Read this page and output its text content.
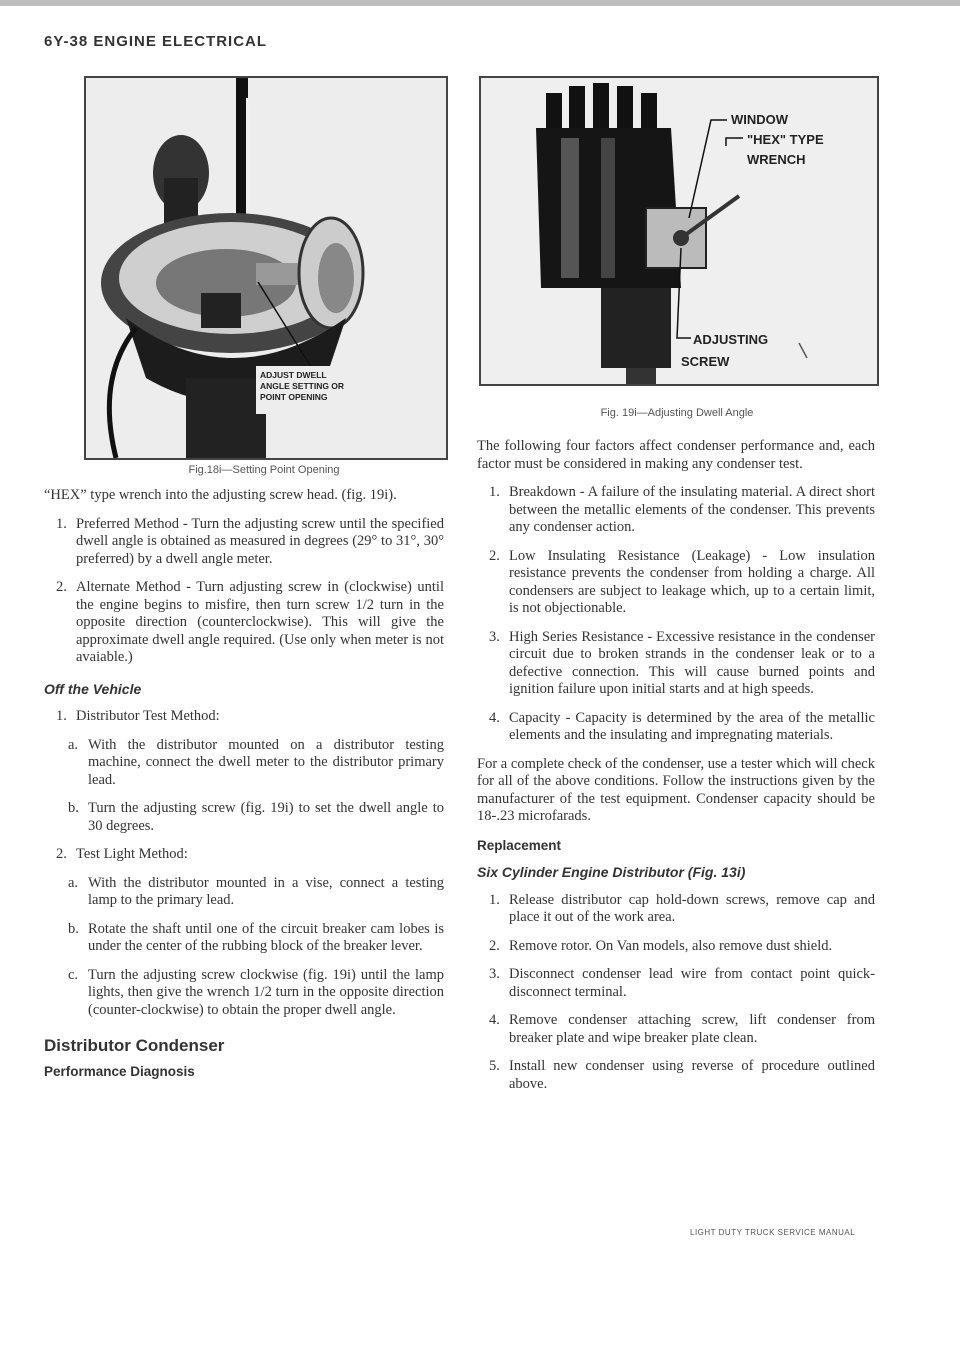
6Y-38 ENGINE ELECTRICAL
ADJUST DWELL
ANGLE SETTING OR
POINT OPENING
Fig.18i—Setting Point Opening
WINDOW
"HEX" TYPE
WRENCH
ADJUSTING
SCREW
Fig. 19i—Adjusting Dwell Angle

“HEX” type wrench into the adjusting screw head. (fig. 19i).

1. Preferred Method - Turn the adjusting screw until the specified dwell angle is obtained as measured in degrees (29° to 31°, 30° preferred) by a dwell angle meter.
2. Alternate Method - Turn adjusting screw in (clockwise) until the engine begins to misfire, then turn screw 1/2 turn in the opposite direction (counterclockwise). This will give the approximate dwell angle required. (Use only when meter is not avaiable.)
Off the Vehicle
1. Distributor Test Method:
a. With the distributor mounted on a distributor testing machine, connect the dwell meter to the distributor primary lead.
b. Turn the adjusting screw (fig. 19i) to set the dwell angle to 30 degrees.
2. Test Light Method:
a. With the distributor mounted in a vise, connect a testing lamp to the primary lead.
b. Rotate the shaft until one of the circuit breaker cam lobes is under the center of the rubbing block of the breaker lever.
c. Turn the adjusting screw clockwise (fig. 19i) until the lamp lights, then give the wrench 1/2 turn in the opposite direction (counter-clockwise) to obtain the proper dwell angle.
Distributor Condenser
Performance Diagnosis

The following four factors affect condenser performance and, each factor must be considered in making any condenser test.

1. Breakdown - A failure of the insulating material. A direct short between the metallic elements of the condenser. This prevents any condenser action.
2. Low Insulating Resistance (Leakage) - Low insulation resistance prevents the condenser from holding a charge. All condensers are subject to leakage which, up to a certain limit, is not objectionable.
3. High Series Resistance - Excessive resistance in the condenser circuit due to broken strands in the condenser leak or to a defective connection. This will cause burned points and ignition failure upon initial starts and at high speeds.
4. Capacity - Capacity is determined by the area of the metallic elements and the insulating and impregnating materials.

For a complete check of the condenser, use a tester which will check for all of the above conditions. Follow the instructions given by the manufacturer of the test equipment. Condenser capacity should be 18-.23 microfarads.

Replacement
Six Cylinder Engine Distributor (Fig. 13i)
1. Release distributor cap hold-down screws, remove cap and place it out of the work area.
2. Remove rotor. On Van models, also remove dust shield.
3. Disconnect condenser lead wire from contact point quick-disconnect terminal.
4. Remove condenser attaching screw, lift condenser from breaker plate and wipe breaker plate clean.
5. Install new condenser using reverse of procedure outlined above.
LIGHT DUTY TRUCK SERVICE MANUAL
